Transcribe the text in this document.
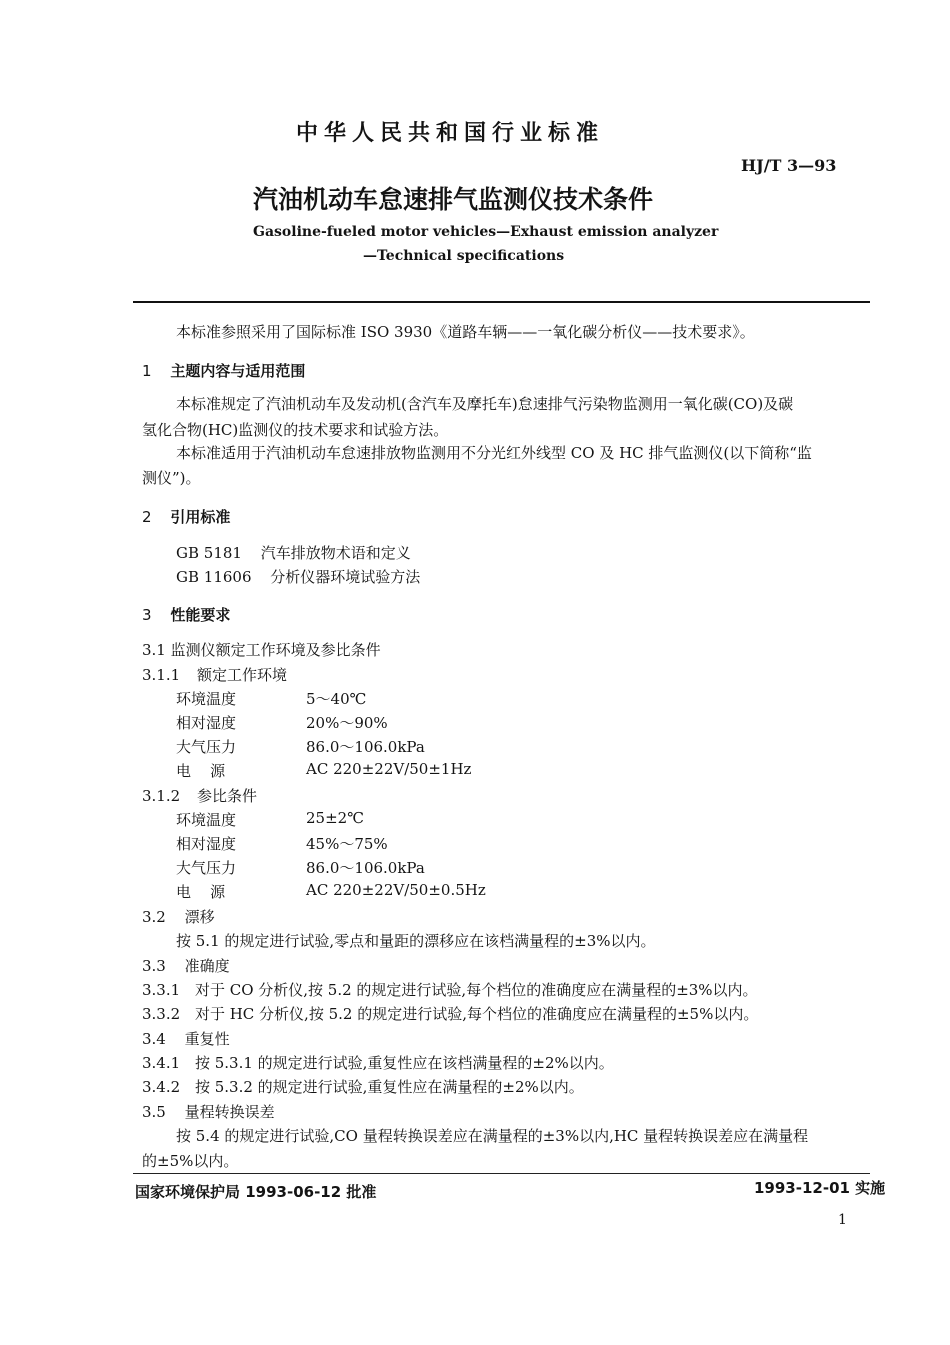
中华人民共和国行业标准
HJ/T 3—93
汽油机动车怠速排气监测仪技术条件
Gasoline-fueled motor vehicles—Exhaust emission analyzer
—Technical specifications
本标准参照采用了国际标准 ISO 3930《道路车辆——一氧化碳分析仪——技术要求》。
1 主题内容与适用范围
本标准规定了汽油机动车及发动机(含汽车及摩托车)怠速排气污染物监测用一氧化碳(CO)及碳
氢化合物(HC)监测仪的技术要求和试验方法。
本标准适用于汽油机动车怠速排放物监测用不分光红外线型 CO 及 HC 排气监测仪(以下简称“监
测仪”)。
2 引用标准
GB 5181 汽车排放物术语和定义
GB 11606 分析仪器环境试验方法
3 性能要求
3.1 监测仪额定工作环境及参比条件
3.1.1 额定工作环境
环境温度	5～40℃
相对湿度	20%～90%
大气压力	86.0～106.0kPa
电    源	AC 220±22V/50±1Hz
3.1.2 参比条件
环境温度	25±2℃
相对湿度	45%～75%
大气压力	86.0～106.0kPa
电    源	AC 220±22V/50±0.5Hz
3.2 漂移
按 5.1 的规定进行试验,零点和量距的漂移应在该档满量程的±3%以内。
3.3 准确度
3.3.1 对于 CO 分析仪,按 5.2 的规定进行试验,每个档位的准确度应在满量程的±3%以内。
3.3.2 对于 HC 分析仪,按 5.2 的规定进行试验,每个档位的准确度应在满量程的±5%以内。
3.4 重复性
3.4.1 按 5.3.1 的规定进行试验,重复性应在该档满量程的±2%以内。
3.4.2 按 5.3.2 的规定进行试验,重复性应在满量程的±2%以内。
3.5 量程转换误差
按 5.4 的规定进行试验,CO 量程转换误差应在满量程的±3%以内,HC 量程转换误差应在满量程
的±5%以内。
国家环境保护局 1993-06-12 批准	1993-12-01 实施
1
